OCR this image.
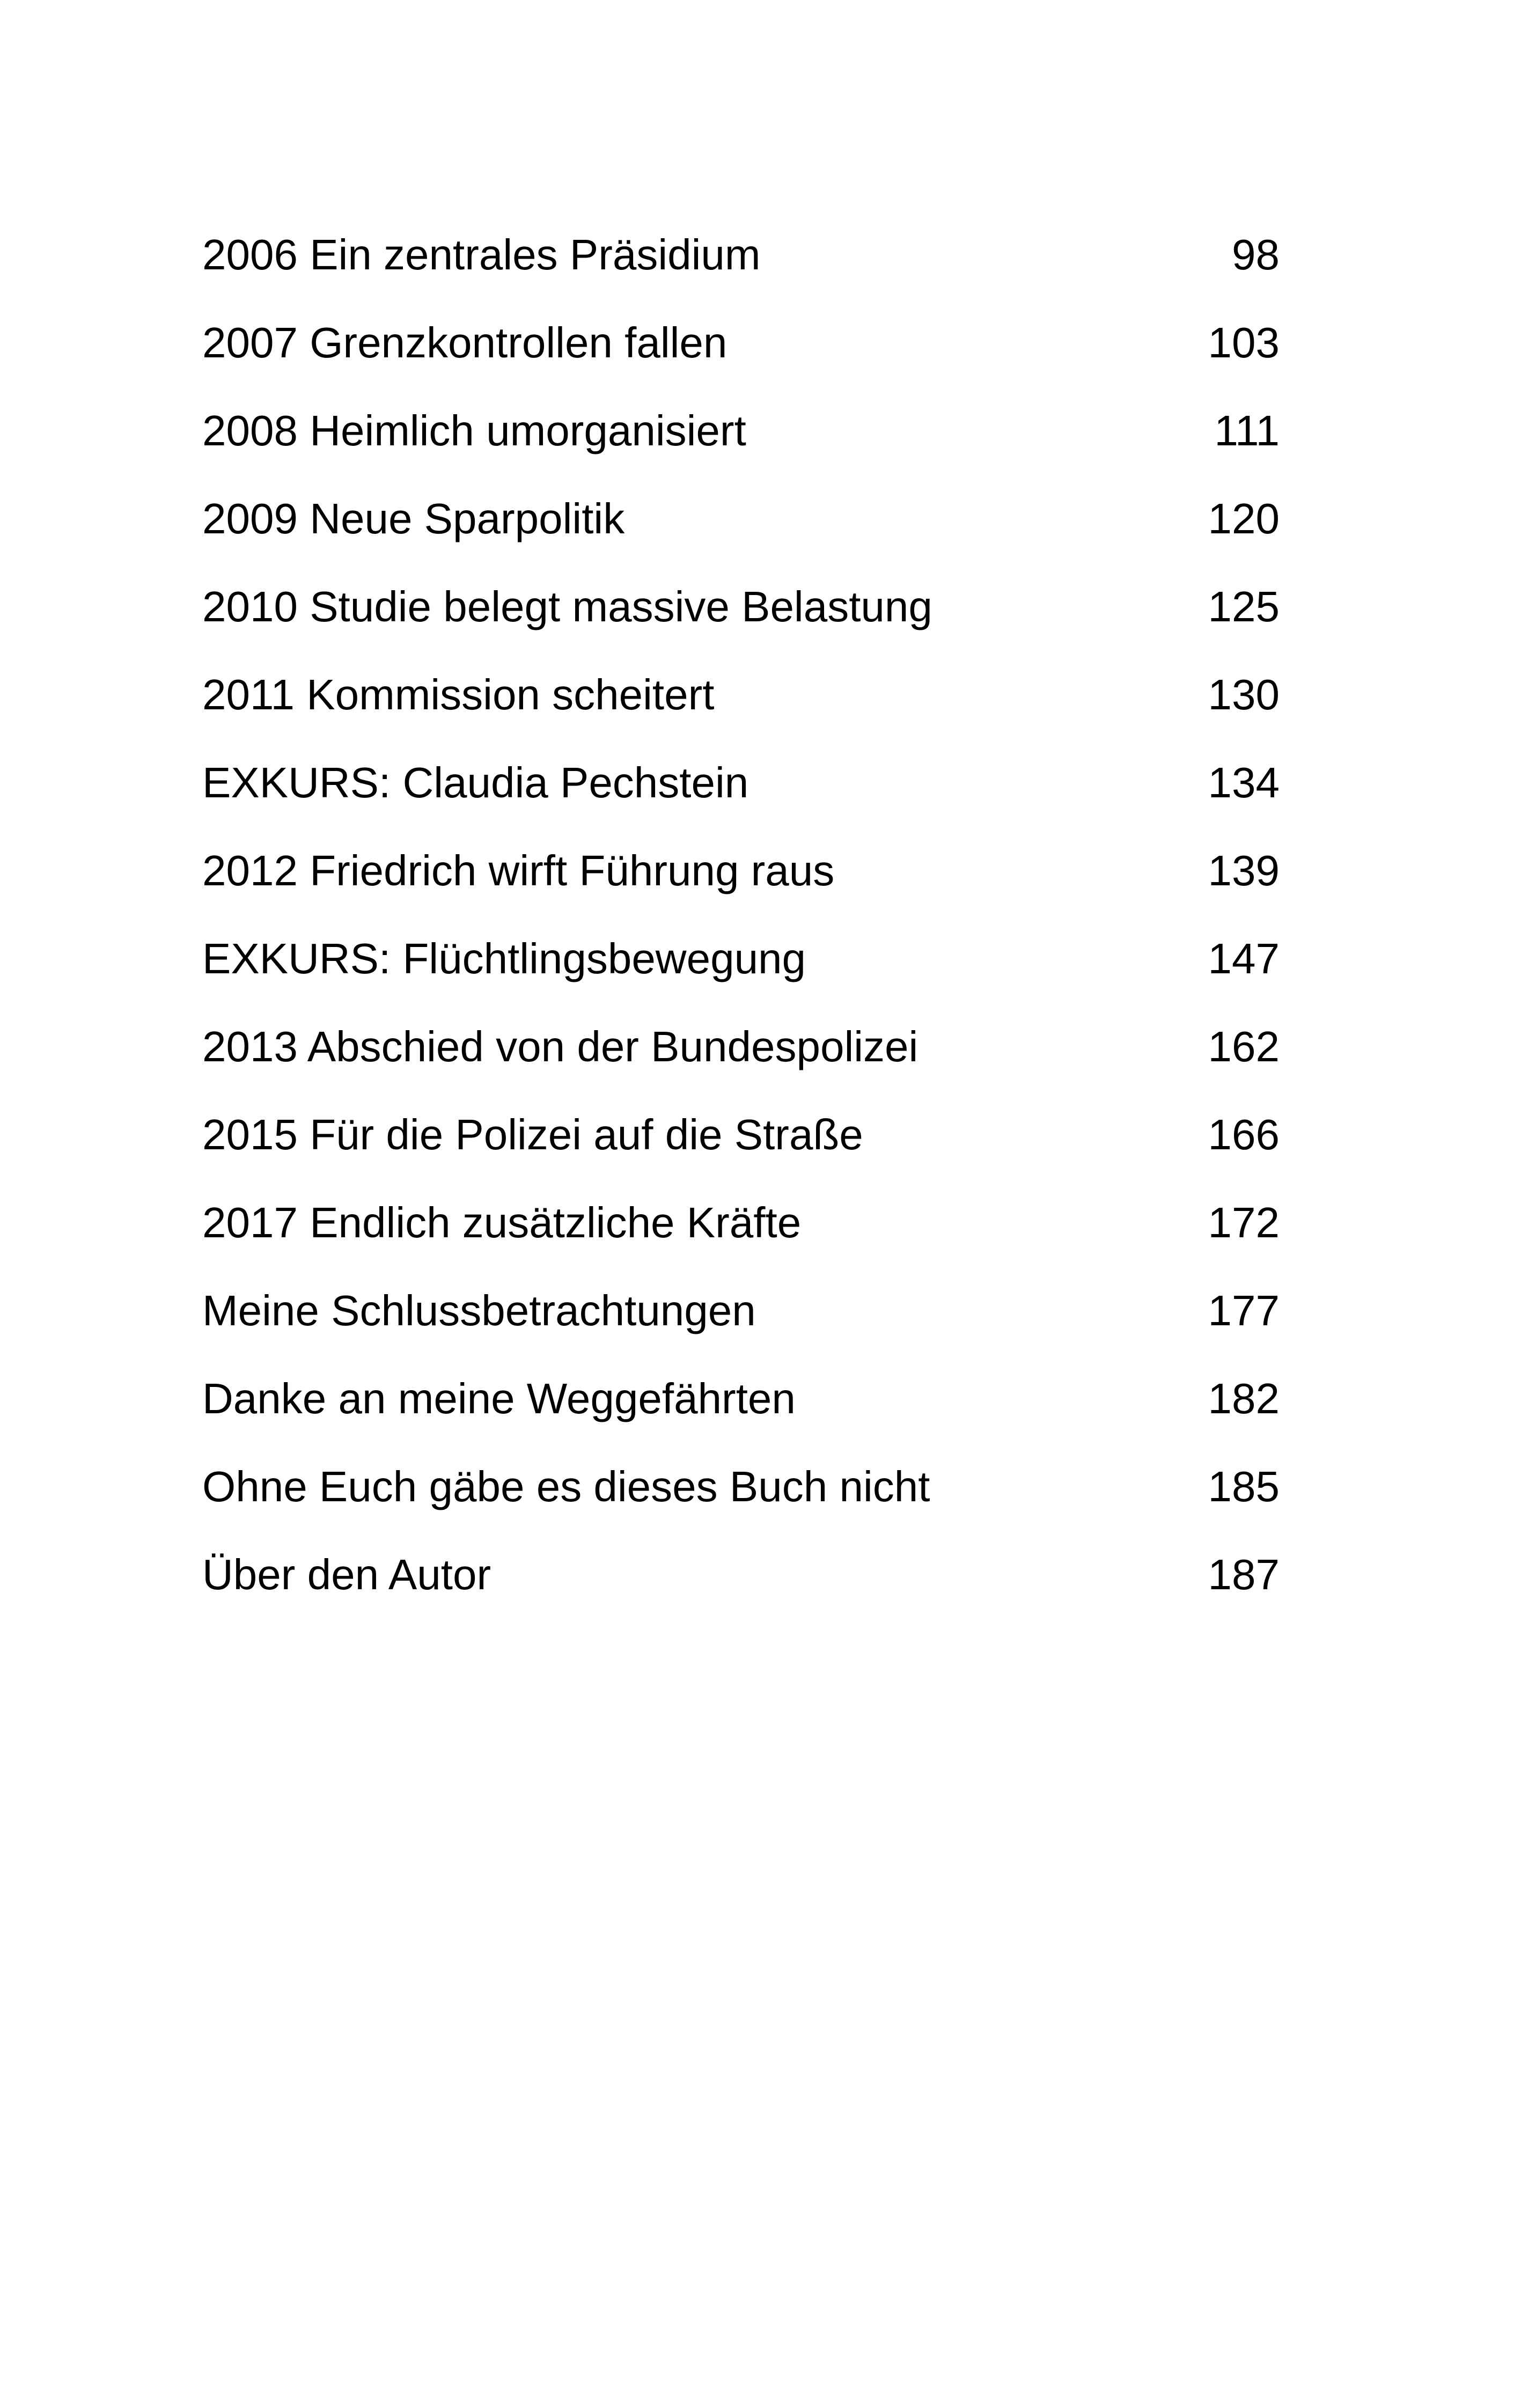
2006 Ein zentrales Präsidium	98
2007 Grenzkontrollen fallen	103
2008 Heimlich umorganisiert	111
2009 Neue Sparpolitik	120
2010 Studie belegt massive Belastung	125
2011 Kommission scheitert	130
EXKURS: Claudia Pechstein	134
2012 Friedrich wirft Führung raus	139
EXKURS: Flüchtlingsbewegung	147
2013 Abschied von der Bundespolizei	162
2015 Für die Polizei auf die Straße	166
2017 Endlich zusätzliche Kräfte	172
Meine Schlussbetrachtungen	177
Danke an meine Weggefährten	182
Ohne Euch gäbe es dieses Buch nicht	185
Über den Autor	187
